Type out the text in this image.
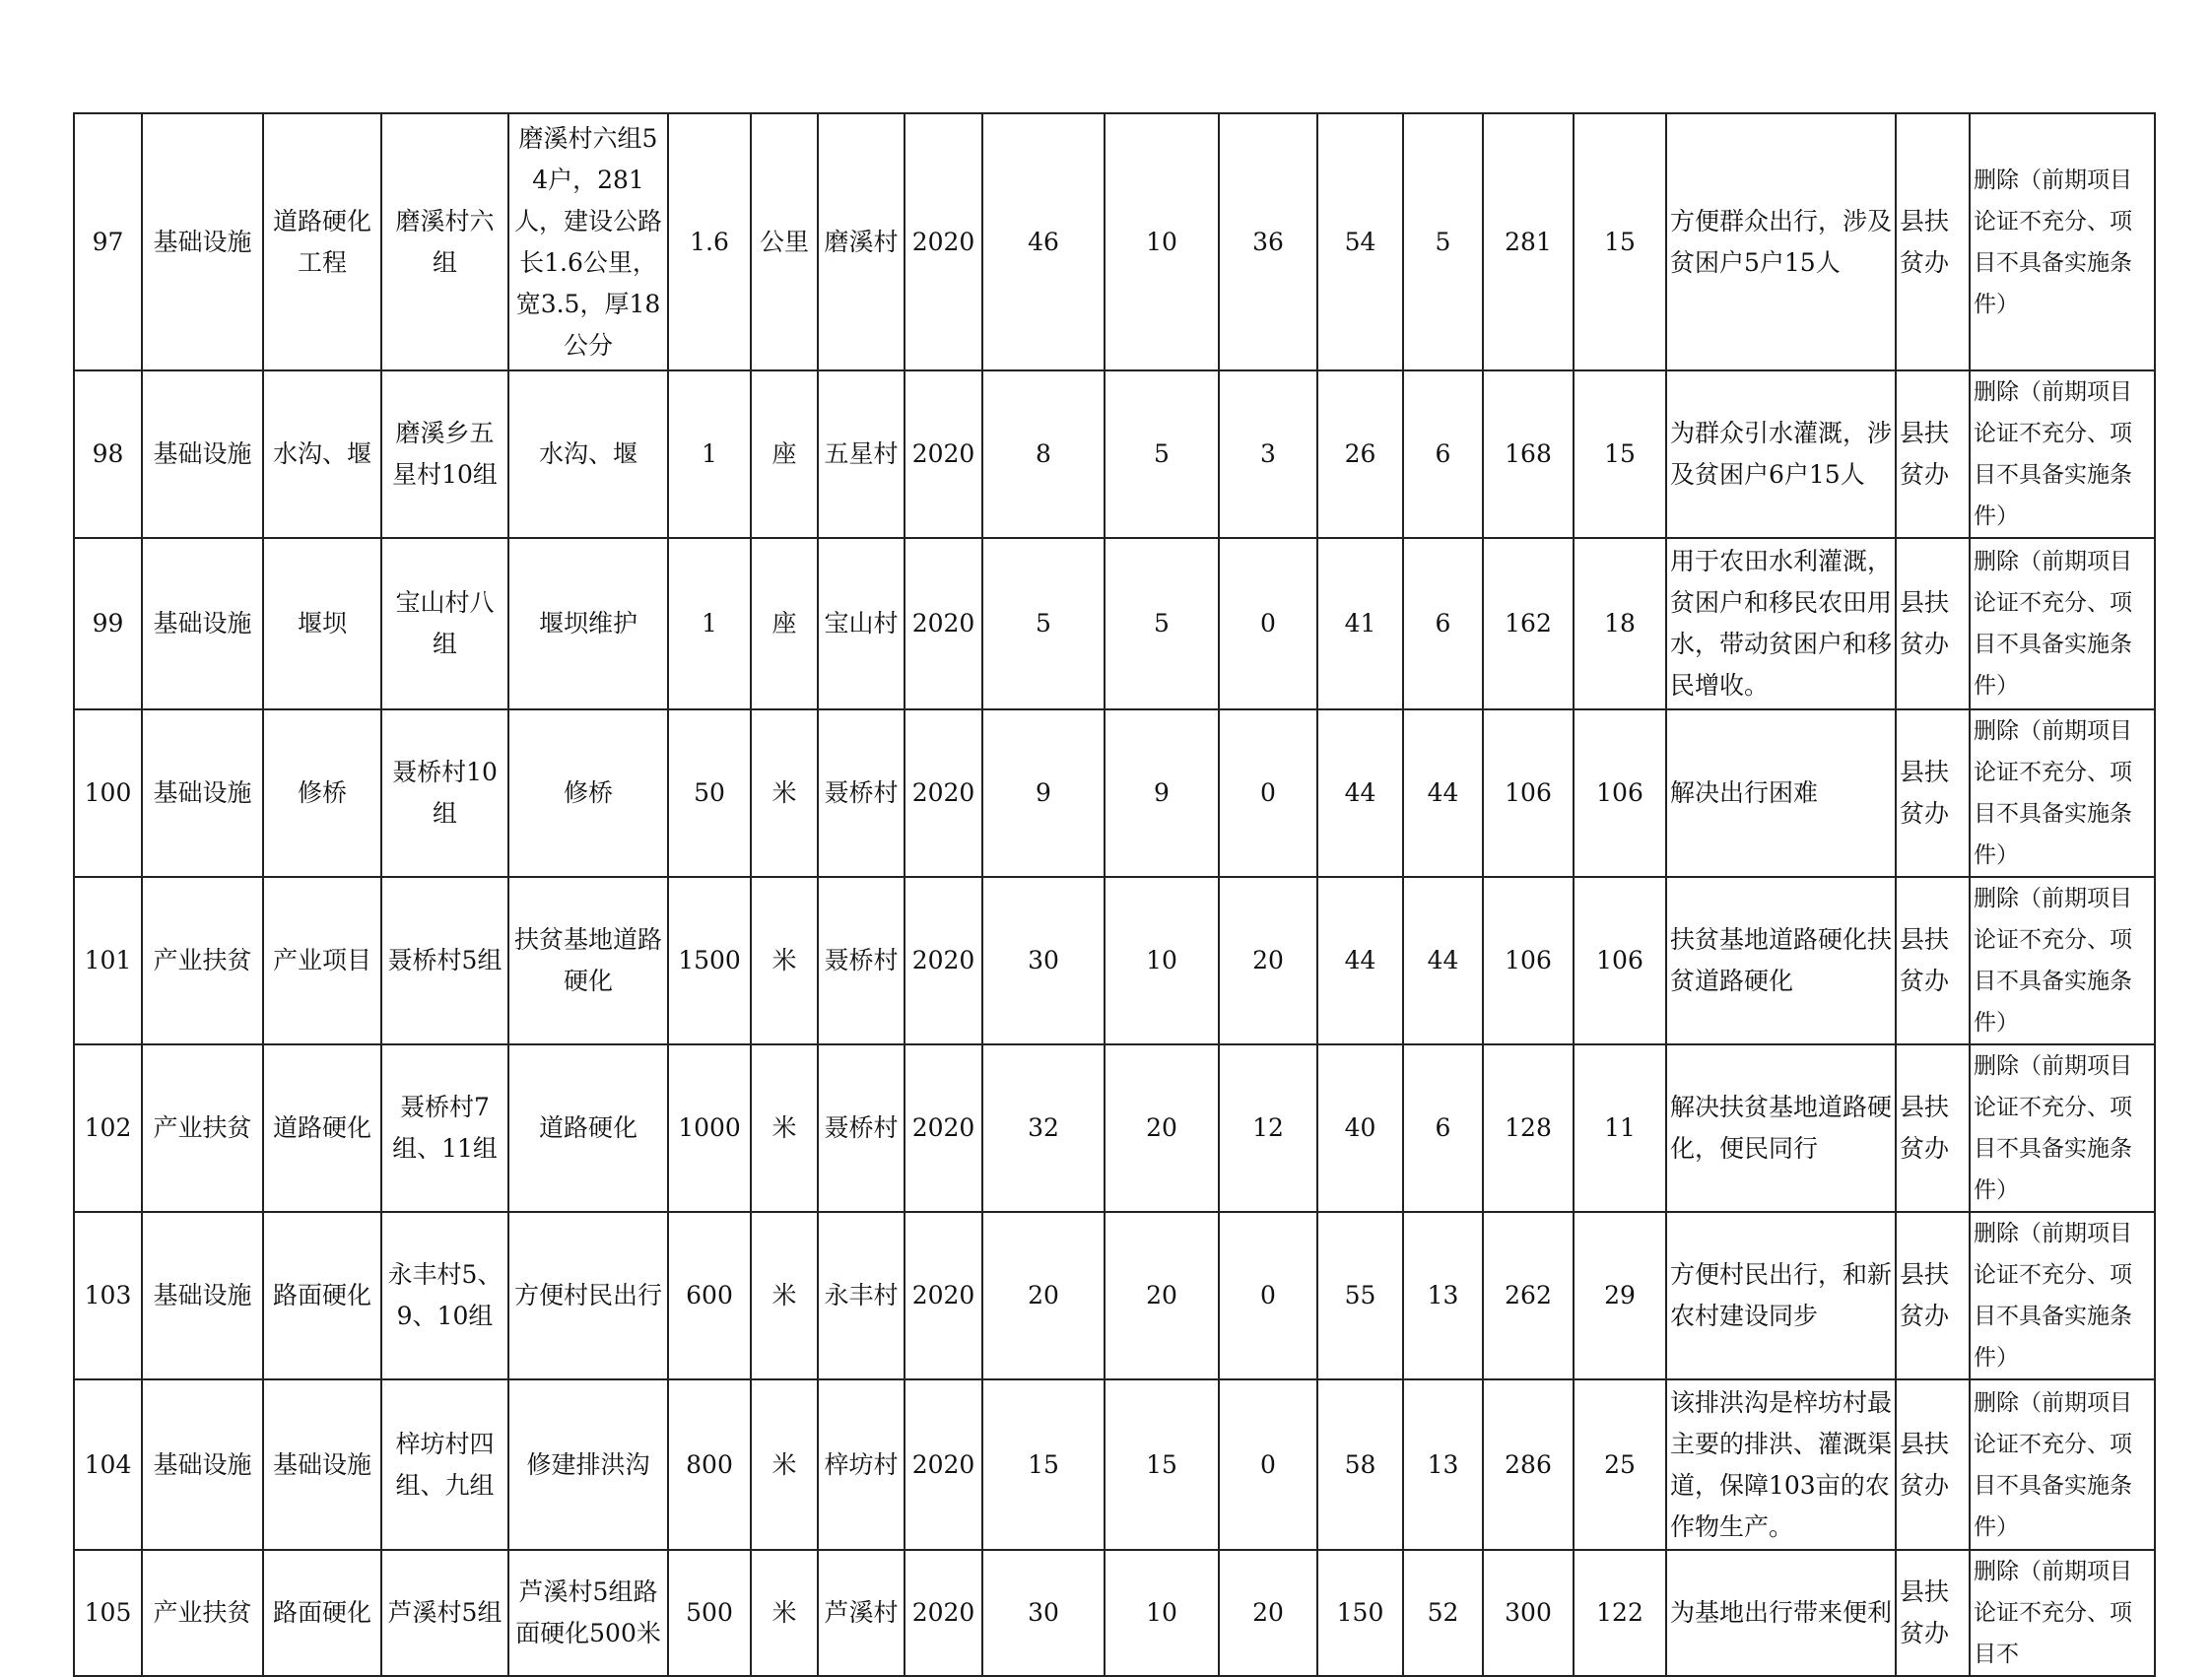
97	基础设施	道路硬化工程	磨溪村六组	磨溪村六组54户，281人，建设公路长1.6公里，宽3.5，厚18公分	1.6	公里	磨溪村	2020	46	10	36	54	5	281	15	方便群众出行，涉及贫困户5户15人	县扶贫办	删除（前期项目论证不充分、项目不具备实施条件）
98	基础设施	水沟、堰	磨溪乡五星村10组	水沟、堰	1	座	五星村	2020	8	5	3	26	6	168	15	为群众引水灌溉，涉及贫困户6户15人	县扶贫办	删除（前期项目论证不充分、项目不具备实施条件）
99	基础设施	堰坝	宝山村八组	堰坝维护	1	座	宝山村	2020	5	5	0	41	6	162	18	用于农田水利灌溉，贫困户和移民农田用水，带动贫困户和移民增收。	县扶贫办	删除（前期项目论证不充分、项目不具备实施条件）
100	基础设施	修桥	聂桥村10组	修桥	50	米	聂桥村	2020	9	9	0	44	44	106	106	解决出行困难	县扶贫办	删除（前期项目论证不充分、项目不具备实施条件）
101	产业扶贫	产业项目	聂桥村5组	扶贫基地道路硬化	1500	米	聂桥村	2020	30	10	20	44	44	106	106	扶贫基地道路硬化扶贫道路硬化	县扶贫办	删除（前期项目论证不充分、项目不具备实施条件）
102	产业扶贫	道路硬化	聂桥村7组、11组	道路硬化	1000	米	聂桥村	2020	32	20	12	40	6	128	11	解决扶贫基地道路硬化，便民同行	县扶贫办	删除（前期项目论证不充分、项目不具备实施条件）
103	基础设施	路面硬化	永丰村5、9、10组	方便村民出行	600	米	永丰村	2020	20	20	0	55	13	262	29	方便村民出行，和新农村建设同步	县扶贫办	删除（前期项目论证不充分、项目不具备实施条件）
104	基础设施	基础设施	梓坊村四组、九组	修建排洪沟	800	米	梓坊村	2020	15	15	0	58	13	286	25	该排洪沟是梓坊村最主要的排洪、灌溉渠道，保障103亩的农作物生产。	县扶贫办	删除（前期项目论证不充分、项目不具备实施条件）
105	产业扶贫	路面硬化	芦溪村5组	芦溪村5组路面硬化500米	500	米	芦溪村	2020	30	10	20	150	52	300	122	为基地出行带来便利	县扶贫办	删除（前期项目论证不充分、项目不
